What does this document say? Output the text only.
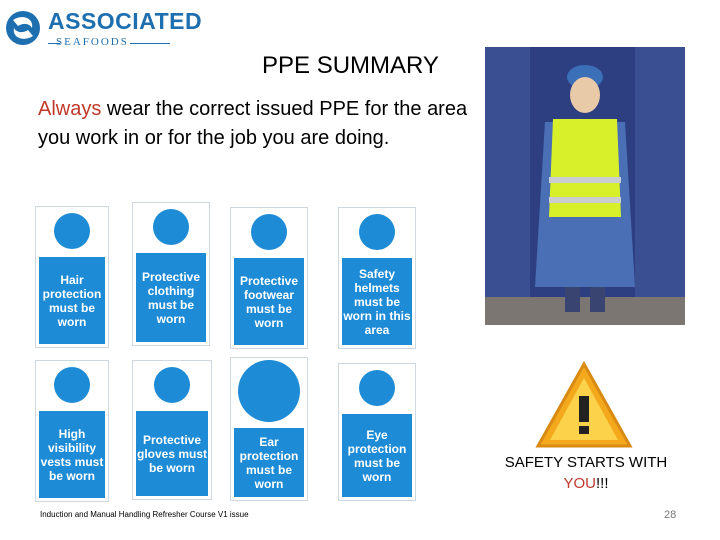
ASSOCIATED
SEAFOODS
PPE SUMMARY
Always wear the correct issued PPE for the area you work in or for the job you are doing.
Hair protection must be worn
Protective clothing must be worn
Protective footwear must be worn
Safety helmets must be worn in this area
High visibility vests must be worn
Protective gloves must be worn
Ear protection must be worn
Eye protection must be worn
SAFETY STARTS WITH
YOU!!!
Induction and Manual Handling Refresher Course V1 issue	28
